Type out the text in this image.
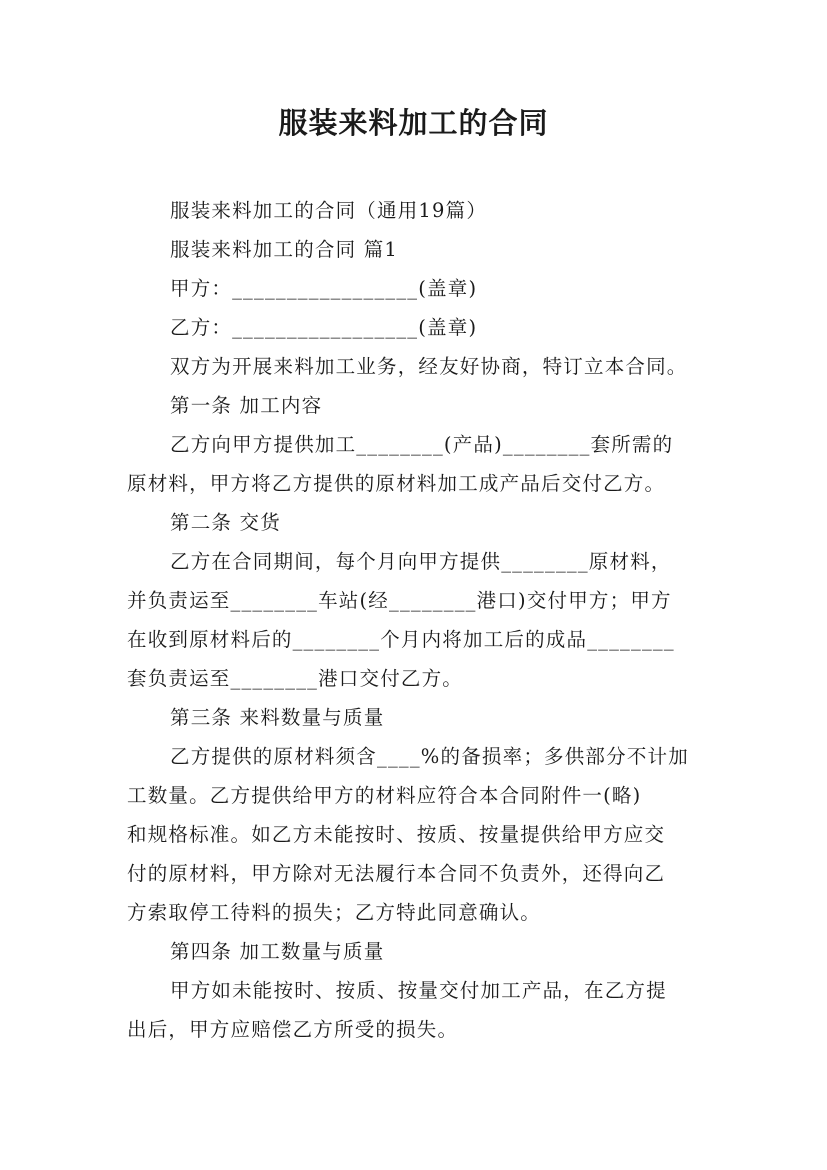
服装来料加工的合同
服装来料加工的合同（通用19篇）
服装来料加工的合同 篇1
甲方：_________________(盖章)
乙方：_________________(盖章)
双方为开展来料加工业务，经友好协商，特订立本合同。
第一条 加工内容
乙方向甲方提供加工________(产品)________套所需的
原材料，甲方将乙方提供的原材料加工成产品后交付乙方。
第二条 交货
乙方在合同期间，每个月向甲方提供________原材料，
并负责运至________车站(经________港口)交付甲方；甲方
在收到原材料后的________个月内将加工后的成品________
套负责运至________港口交付乙方。
第三条 来料数量与质量
乙方提供的原材料须含____%的备损率；多供部分不计加
工数量。乙方提供给甲方的材料应符合本合同附件一(略)
和规格标准。如乙方未能按时、按质、按量提供给甲方应交
付的原材料，甲方除对无法履行本合同不负责外，还得向乙
方索取停工待料的损失；乙方特此同意确认。
第四条 加工数量与质量
甲方如未能按时、按质、按量交付加工产品，在乙方提
出后，甲方应赔偿乙方所受的损失。
